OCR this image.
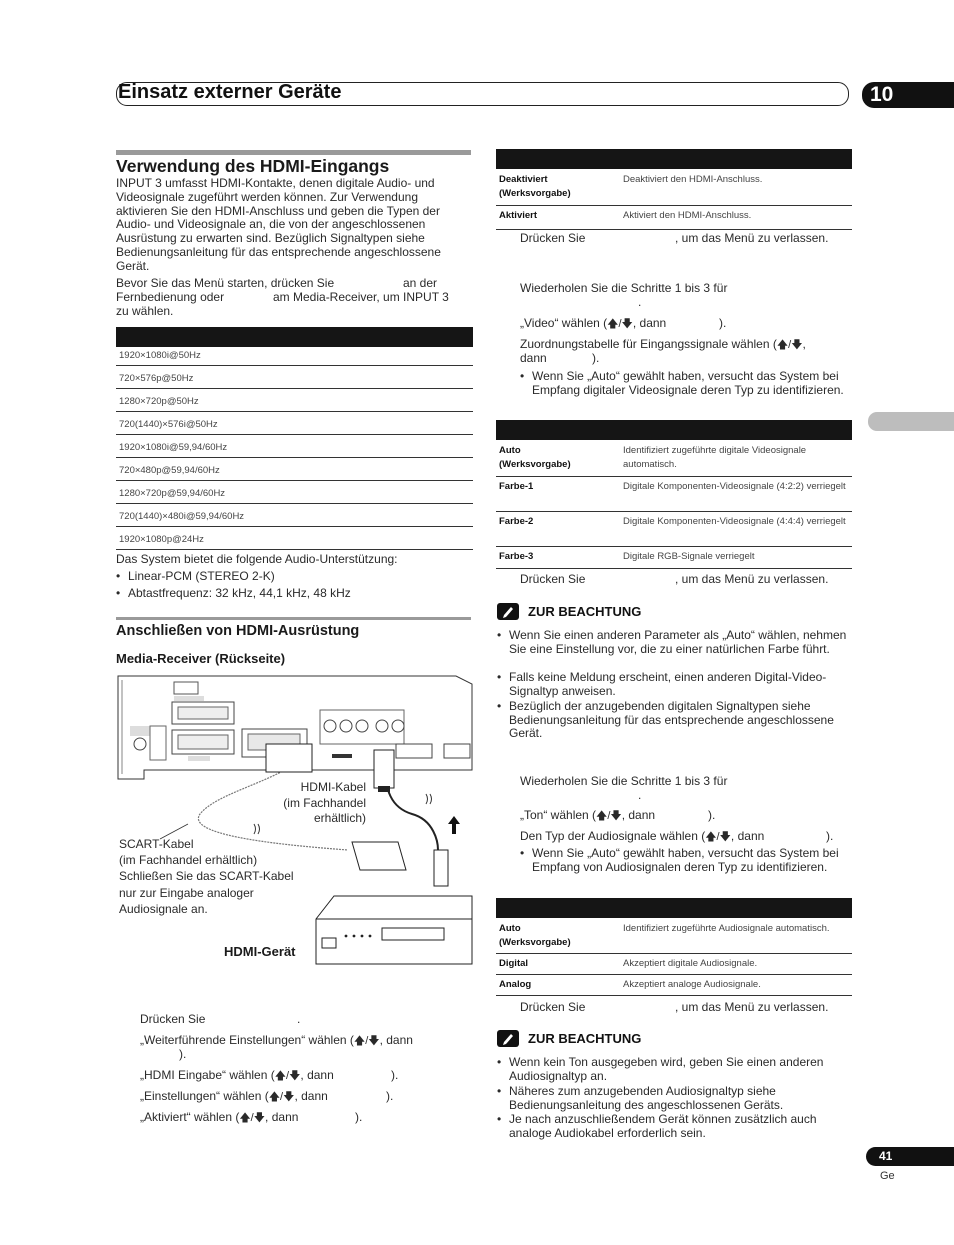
Einsatz externer Geräte	10
Verwendung des HDMI-Eingangs
INPUT 3 umfasst HDMI-Kontakte, denen digitale Audio- und Videosignale zugeführt werden können. Zur Verwendung aktivieren Sie den HDMI-Anschluss und geben die Typen der Audio- und Videosignale an, die von der angeschlossenen Ausrüstung zu erwarten sind. Bezüglich Signaltypen siehe Bedienungsanleitung für das entsprechende angeschlossene Gerät.
Bevor Sie das Menü starten, drücken Sie	an der
Fernbedienung oder	am Media-Receiver, um INPUT 3
zu wählen.
1920×1080i@50Hz
720×576p@50Hz
1280×720p@50Hz
720(1440)×576i@50Hz
1920×1080i@59,94/60Hz
720×480p@59,94/60Hz
1280×720p@59,94/60Hz
720(1440)×480i@59,94/60Hz
1920×1080p@24Hz
Das System bietet die folgende Audio-Unterstützung:
• Linear-PCM (STEREO 2-K)
• Abtastfrequenz: 32 kHz, 44,1 kHz, 48 kHz
Anschließen von HDMI-Ausrüstung
Media-Receiver (Rückseite)
HDMI-Kabel
(im Fachhandel
erhältlich)
SCART-Kabel
(im Fachhandel erhältlich)
Schließen Sie das SCART-Kabel
nur zur Eingabe analoger
Audiosignale an.
HDMI-Gerät
Drücken Sie	.
„Weiterführende Einstellungen“ wählen (🡅/🡇, dann
).
„HDMI Eingabe“ wählen (🡅/🡇, dann	).
„Einstellungen“ wählen (🡅/🡇, dann	).
„Aktiviert“ wählen (🡅/🡇, dann	).
Deaktiviert
(Werksvorgabe)
Deaktiviert den HDMI-Anschluss.
Aktiviert	Aktiviert den HDMI-Anschluss.
Drücken Sie	, um das Menü zu verlassen.
Wiederholen Sie die Schritte 1 bis 3 für
.
„Video“ wählen (🡅/🡇, dann	).
Zuordnungstabelle für Eingangssignale wählen (🡅/🡇,
dann	).
• Wenn Sie „Auto“ gewählt haben, versucht das System bei Empfang digitaler Videosignale deren Typ zu identifizieren.
Auto
(Werksvorgabe)
Identifiziert zugeführte digitale Videosignale automatisch.
Farbe-1	Digitale Komponenten-Videosignale (4:2:2) verriegelt
Farbe-2	Digitale Komponenten-Videosignale (4:4:4) verriegelt
Farbe-3	Digitale RGB-Signale verriegelt
Drücken Sie	, um das Menü zu verlassen.
ZUR BEACHTUNG
• Wenn Sie einen anderen Parameter als „Auto“ wählen, nehmen Sie eine Einstellung vor, die zu einer natürlichen Farbe führt.
• Falls keine Meldung erscheint, einen anderen Digital-Video-Signaltyp anweisen.
• Bezüglich der anzugebenden digitalen Signaltypen siehe Bedienungsanleitung für das entsprechende angeschlossene Gerät.
Wiederholen Sie die Schritte 1 bis 3 für
.
„Ton“ wählen (🡅/🡇, dann	).
Den Typ der Audiosignale wählen (🡅/🡇, dann	).
• Wenn Sie „Auto“ gewählt haben, versucht das System bei Empfang von Audiosignalen deren Typ zu identifizieren.
Auto
(Werksvorgabe)
Identifiziert zugeführte Audiosignale automatisch.
Digital	Akzeptiert digitale Audiosignale.
Analog	Akzeptiert analoge Audiosignale.
Drücken Sie	, um das Menü zu verlassen.
ZUR BEACHTUNG
• Wenn kein Ton ausgegeben wird, geben Sie einen anderen Audiosignaltyp an.
• Näheres zum anzugebenden Audiosignaltyp siehe Bedienungsanleitung des angeschlossenen Geräts.
• Je nach anzuschließendem Gerät können zusätzlich auch analoge Audiokabel erforderlich sein.
41
Ge
